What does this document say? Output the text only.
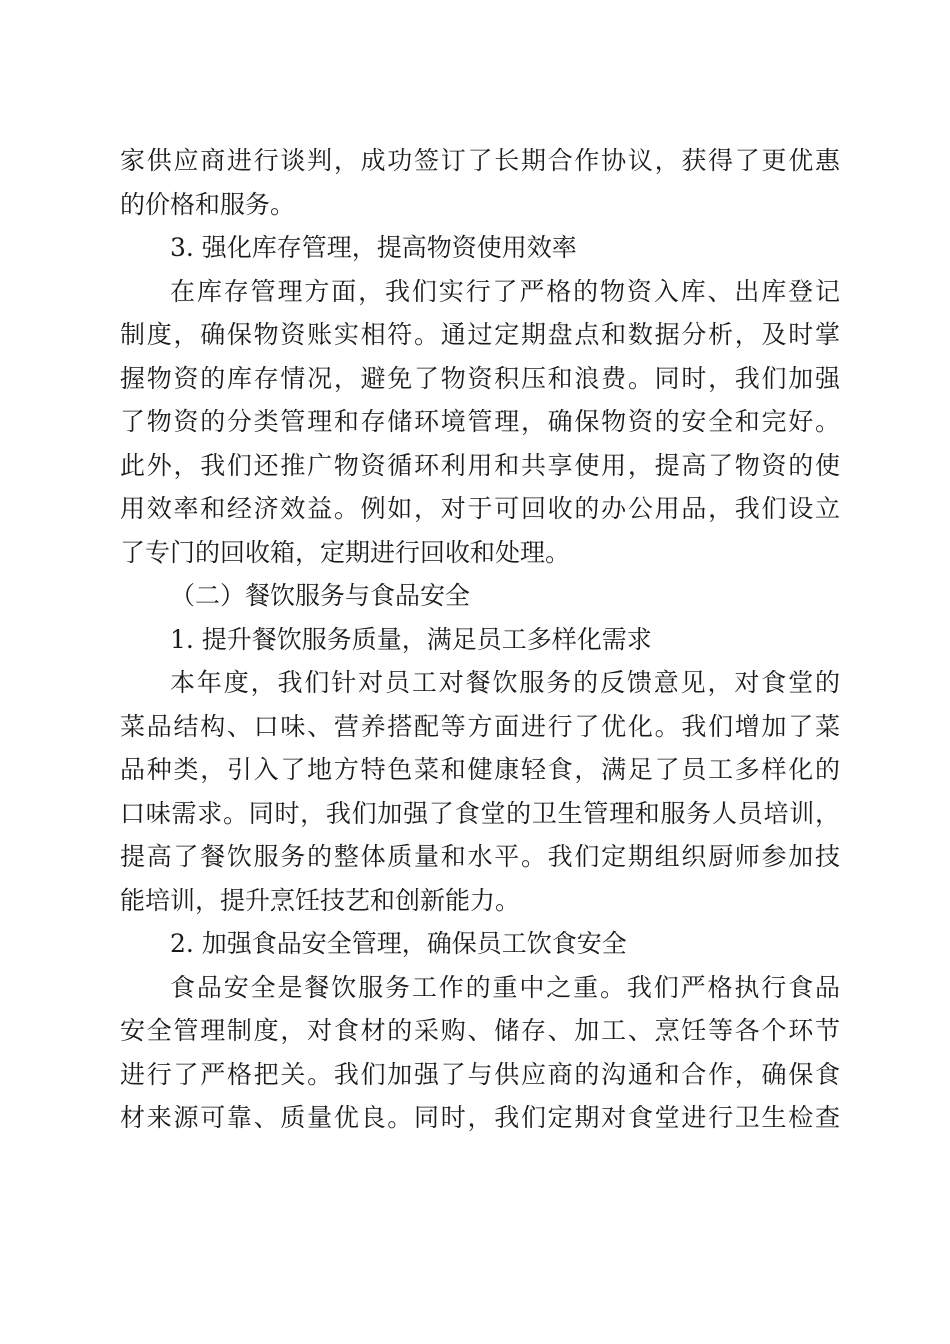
家供应商进行谈判，成功签订了长期合作协议，获得了更优惠
的价格和服务。
3. 强化库存管理，提高物资使用效率
在库存管理方面，我们实行了严格的物资入库、出库登记
制度，确保物资账实相符。通过定期盘点和数据分析，及时掌
握物资的库存情况，避免了物资积压和浪费。同时，我们加强
了物资的分类管理和存储环境管理，确保物资的安全和完好。
此外，我们还推广物资循环利用和共享使用，提高了物资的使
用效率和经济效益。例如，对于可回收的办公用品，我们设立
了专门的回收箱，定期进行回收和处理。
（二）餐饮服务与食品安全
1. 提升餐饮服务质量，满足员工多样化需求
本年度，我们针对员工对餐饮服务的反馈意见，对食堂的
菜品结构、口味、营养搭配等方面进行了优化。我们增加了菜
品种类，引入了地方特色菜和健康轻食，满足了员工多样化的
口味需求。同时，我们加强了食堂的卫生管理和服务人员培训，
提高了餐饮服务的整体质量和水平。我们定期组织厨师参加技
能培训，提升烹饪技艺和创新能力。
2. 加强食品安全管理，确保员工饮食安全
食品安全是餐饮服务工作的重中之重。我们严格执行食品
安全管理制度，对食材的采购、储存、加工、烹饪等各个环节
进行了严格把关。我们加强了与供应商的沟通和合作，确保食
材来源可靠、质量优良。同时，我们定期对食堂进行卫生检查
